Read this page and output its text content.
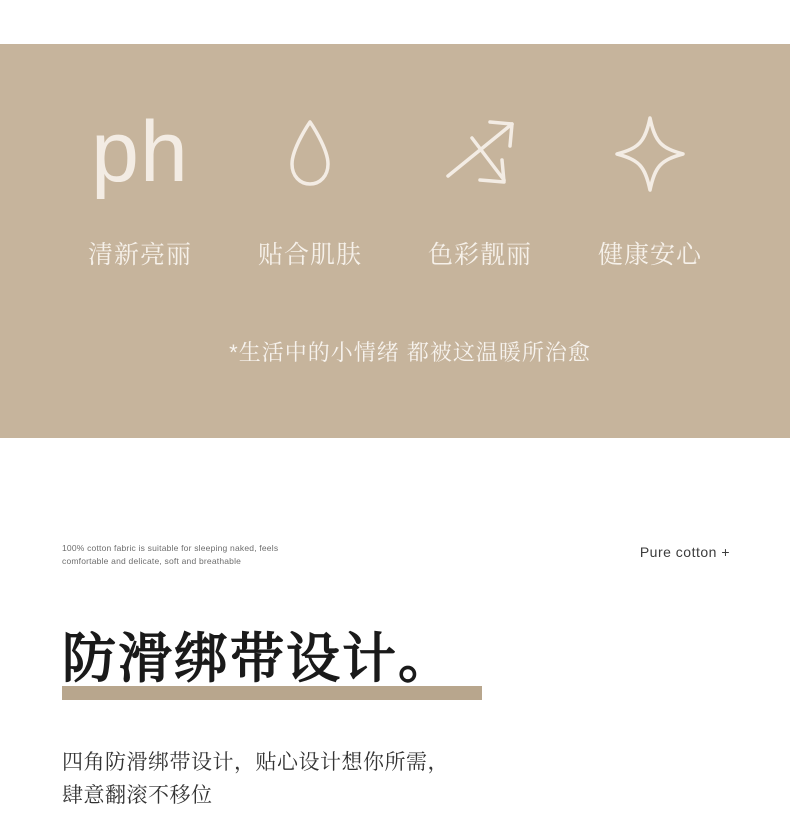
ph
清新亮丽	贴合肌肤	色彩靓丽	健康安心
*生活中的小情绪 都被这温暖所治愈
100% cotton fabric is suitable for sleeping naked, feels comfortable and delicate, soft and breathable
Pure cotton +
防滑绑带设计。
四角防滑绑带设计，贴心设计想你所需，
肆意翻滚不移位
